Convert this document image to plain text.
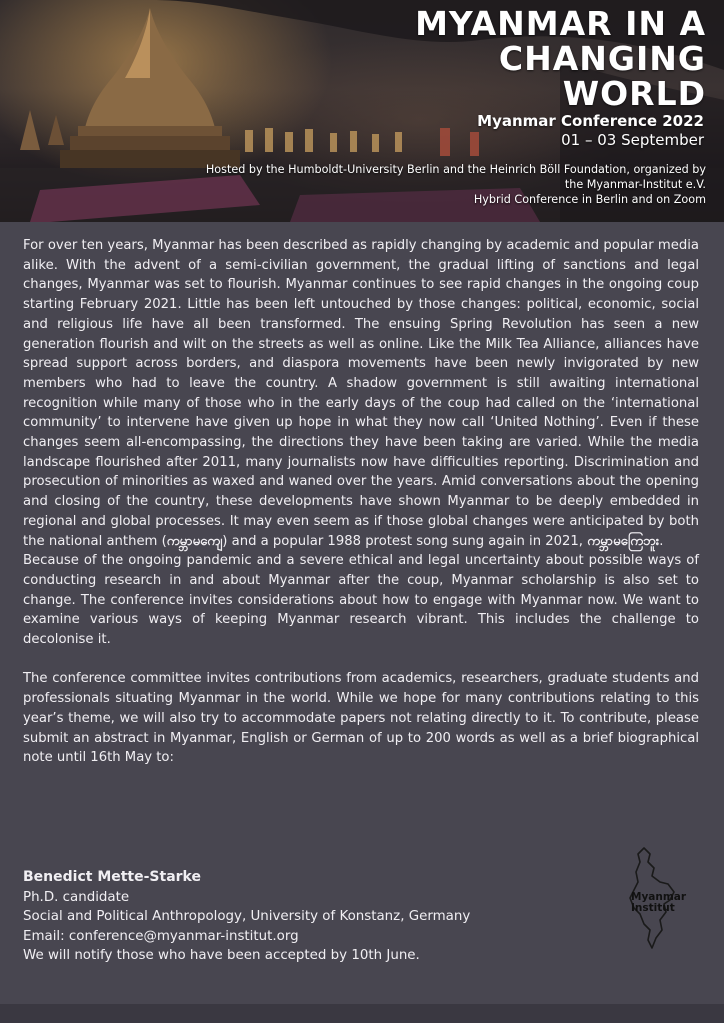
MYANMAR IN A
CHANGING
WORLD
Myanmar Conference 2022
01 – 03 September
Hosted by the Humboldt-University Berlin and the Heinrich Böll Foundation, organized by
the Myanmar-Institut e.V.
Hybrid Conference in Berlin and on Zoom

For over ten years, Myanmar has been described as rapidly changing by academic and popular media alike. With the advent of a semi-civilian government, the gradual lifting of sanctions and legal changes, Myanmar was set to flourish. Myanmar continues to see rapid changes in the ongoing coup starting February 2021. Little has been left untouched by those changes: political, economic, social and religious life have all been transformed. The ensuing Spring Revolution has seen a new generation flourish and wilt on the streets as well as online. Like the Milk Tea Alliance, alliances have spread support across borders, and diaspora movements have been newly invigorated by new members who had to leave the country. A shadow government is still awaiting international recognition while many of those who in the early days of the coup had called on the ‘international community’ to intervene have given up hope in what they now call ‘United Nothing’. Even if these changes seem all-encompassing, the directions they have been taking are varied. While the media landscape flourished after 2011, many journalists now have difficulties reporting. Discrimination and prosecution of minorities as waxed and waned over the years. Amid conversations about the opening and closing of the country, these developments have shown Myanmar to be deeply embedded in regional and global processes. It may even seem as if those global changes were anticipated by both the national anthem (ကမ္ဘာမကျေ) and a popular 1988 protest song sung again in 2021, ကမ္ဘာမကြေဘူး.

Because of the ongoing pandemic and a severe ethical and legal uncertainty about possible ways of conducting research in and about Myanmar after the coup, Myanmar scholarship is also set to change. The conference invites considerations about how to engage with Myanmar now. We want to examine various ways of keeping Myanmar research vibrant. This includes the challenge to decolonise it.

The conference committee invites contributions from academics, researchers, graduate students and professionals situating Myanmar in the world. While we hope for many contributions relating to this year’s theme, we will also try to accommodate papers not relating directly to it. To contribute, please submit an abstract in Myanmar, English or German of up to 200 words as well as a brief biographical note until 16th May to:

Benedict Mette-Starke
Ph.D. candidate
Social and Political Anthropology, University of Konstanz, Germany
Email: conference@myanmar-institut.org
We will notify those who have been accepted by 10th June.
Myanmar
Institut
